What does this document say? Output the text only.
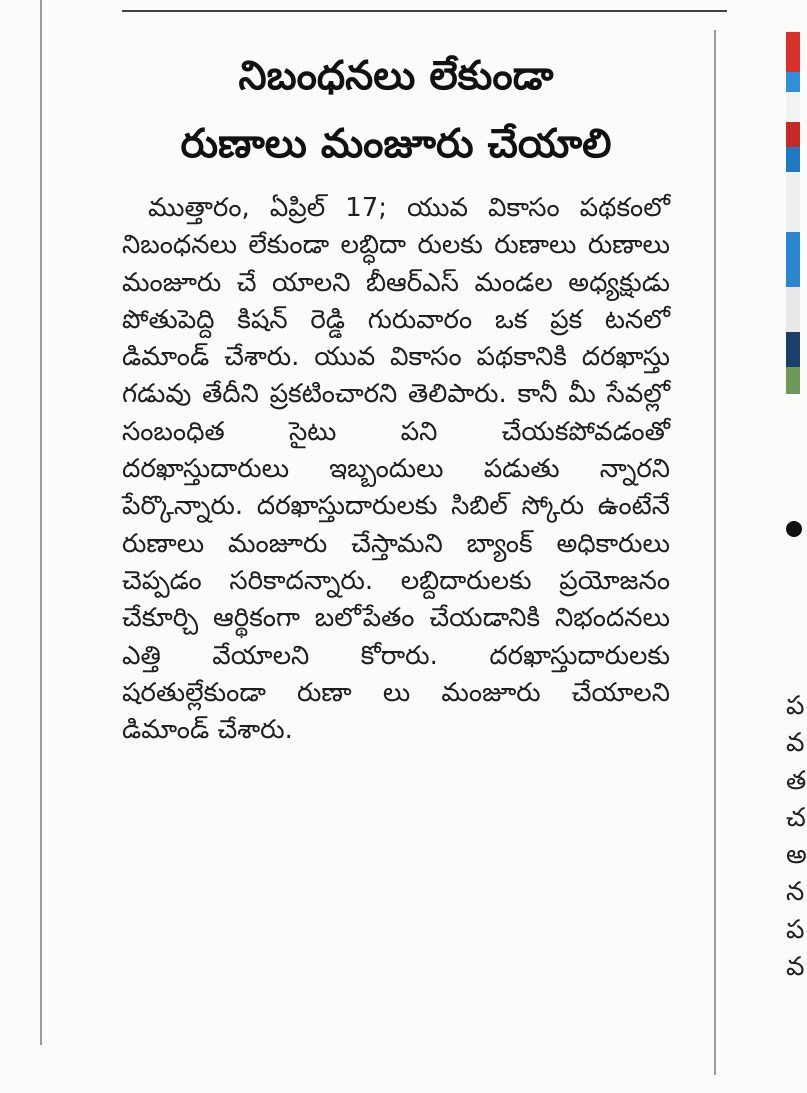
నిబంధనలు లేకుండా
రుణాలు మంజూరు చేయాలి

ముత్తారం, ఏప్రిల్ 17; యువ వికాసం పథకంలో నిబంధనలు లేకుండా లబ్ధిదా రులకు రుణాలు రుణాలు మంజూరు చే యాలని బీఆర్ఎస్ మండల అధ్యక్షుడు పోతుపెద్ది కిషన్ రెడ్డి గురువారం ఒక ప్రక టనలో డిమాండ్ చేశారు. యువ వికాసం పథకానికి దరఖాస్తు గడువు తేదీని ప్రకటించారని తెలిపారు. కానీ మీ సేవల్లో సంబంధిత సైటు పని చేయకపోవడంతో దరఖాస్తుదారులు ఇబ్బందులు పడుతు న్నారని పేర్కొన్నారు. దరఖాస్తుదారులకు సిబిల్ స్కోరు ఉంటేనే రుణాలు మంజూరు చేస్తామని బ్యాంక్ అధికారులు చెప్పడం సరికాదన్నారు. లబ్దిదారులకు ప్రయోజనం చేకూర్చి ఆర్థికంగా బలోపేతం చేయడానికి నిభందనలు ఎత్తి వేయాలని కోరారు. దరఖాస్తుదారులకు షరతుల్లేకుండా రుణా లు మంజూరు చేయాలని డిమాండ్ చేశారు.

ప
వ
త
చ
అ
న
ప
వ
